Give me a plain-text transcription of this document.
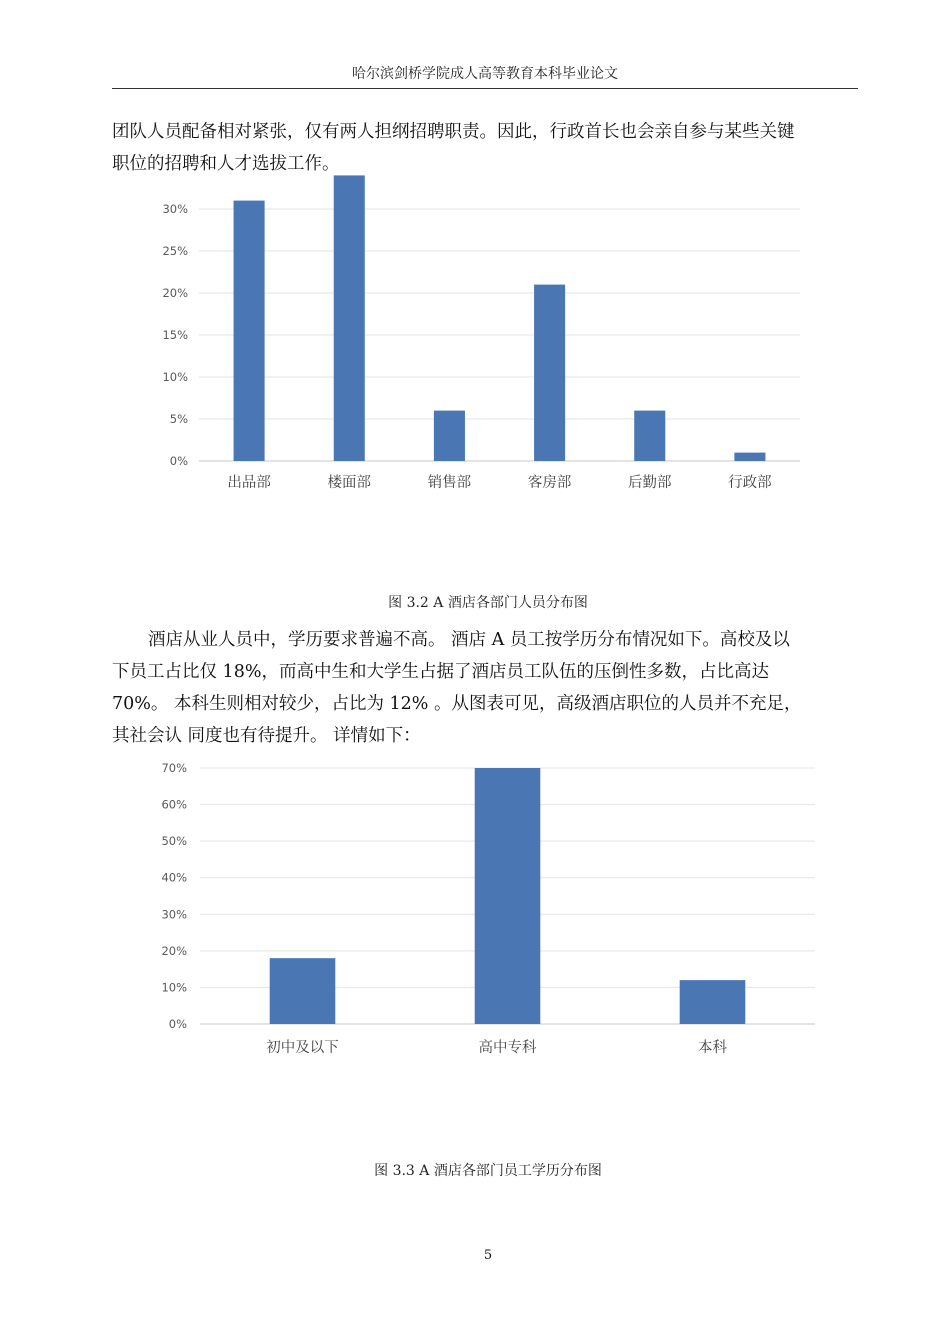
哈尔滨剑桥学院成人高等教育本科毕业论文
团队人员配备相对紧张，仅有两人担纲招聘职责。因此，行政首长也会亲自参与某些关键
职位的招聘和人才选拔工作。
0%
5%
10%
15%
20%
25%
30%
出品部	楼面部	销售部	客房部	后勤部	行政部
0%
10%
20%
30%
40%
50%
60%
70%
初中及以下	高中专科	本科
图 3.2 A 酒店各部门人员分布图
酒店从业人员中，学历要求普遍不高。 酒店 A 员工按学历分布情况如下。高校及以
下员工占比仅 18%，而高中生和大学生占据了酒店员工队伍的压倒性多数，占比高达
70%。 本科生则相对较少，占比为 12% 。从图表可见，高级酒店职位的人员并不充足，
其社会认 同度也有待提升。 详情如下：
图 3.3 A 酒店各部门员工学历分布图
5
